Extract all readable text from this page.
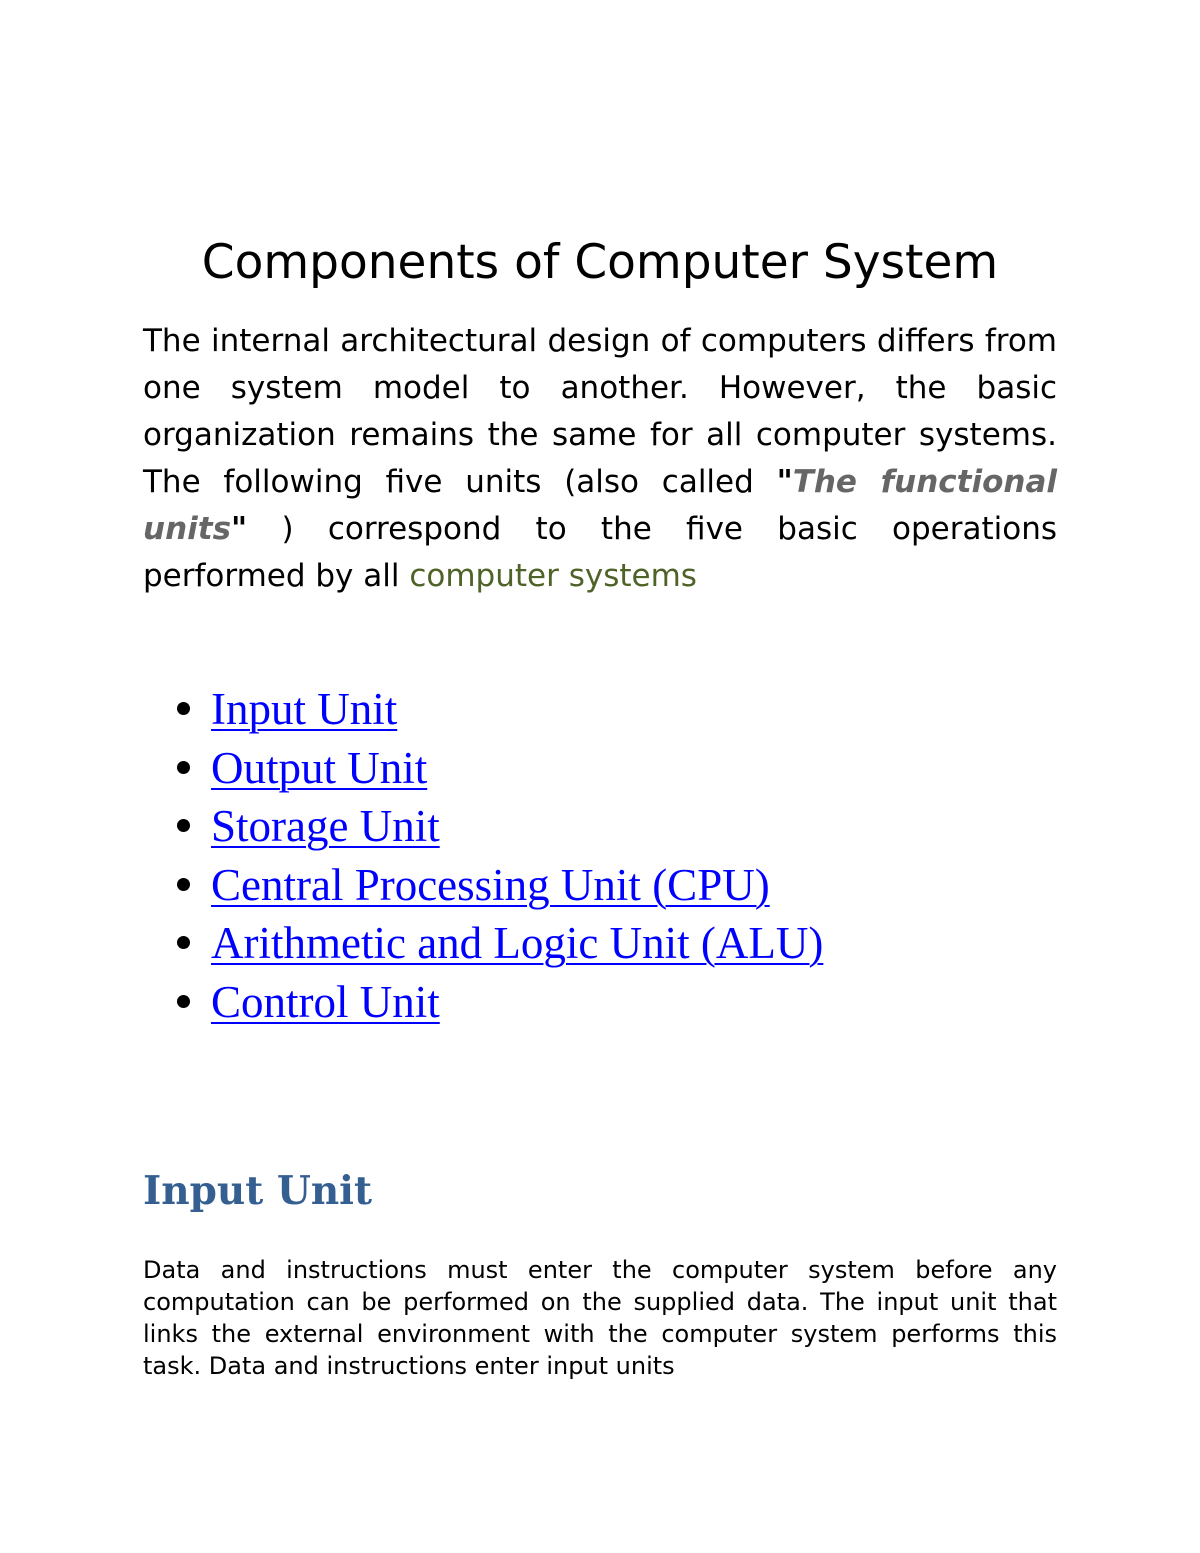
Components of Computer System

The internal architectural design of computers differs from one system model to another. However, the basic organization remains the same for all computer systems. The following five units (also called "The functional units" ) correspond to the five basic operations performed by all computer systems

Input Unit
Output Unit
Storage Unit
Central Processing Unit (CPU)
Arithmetic and Logic Unit (ALU)
Control Unit
Input Unit

Data and instructions must enter the computer system before any computation can be performed on the supplied data. The input unit that links the external environment with the computer system performs this task. Data and instructions enter input units
